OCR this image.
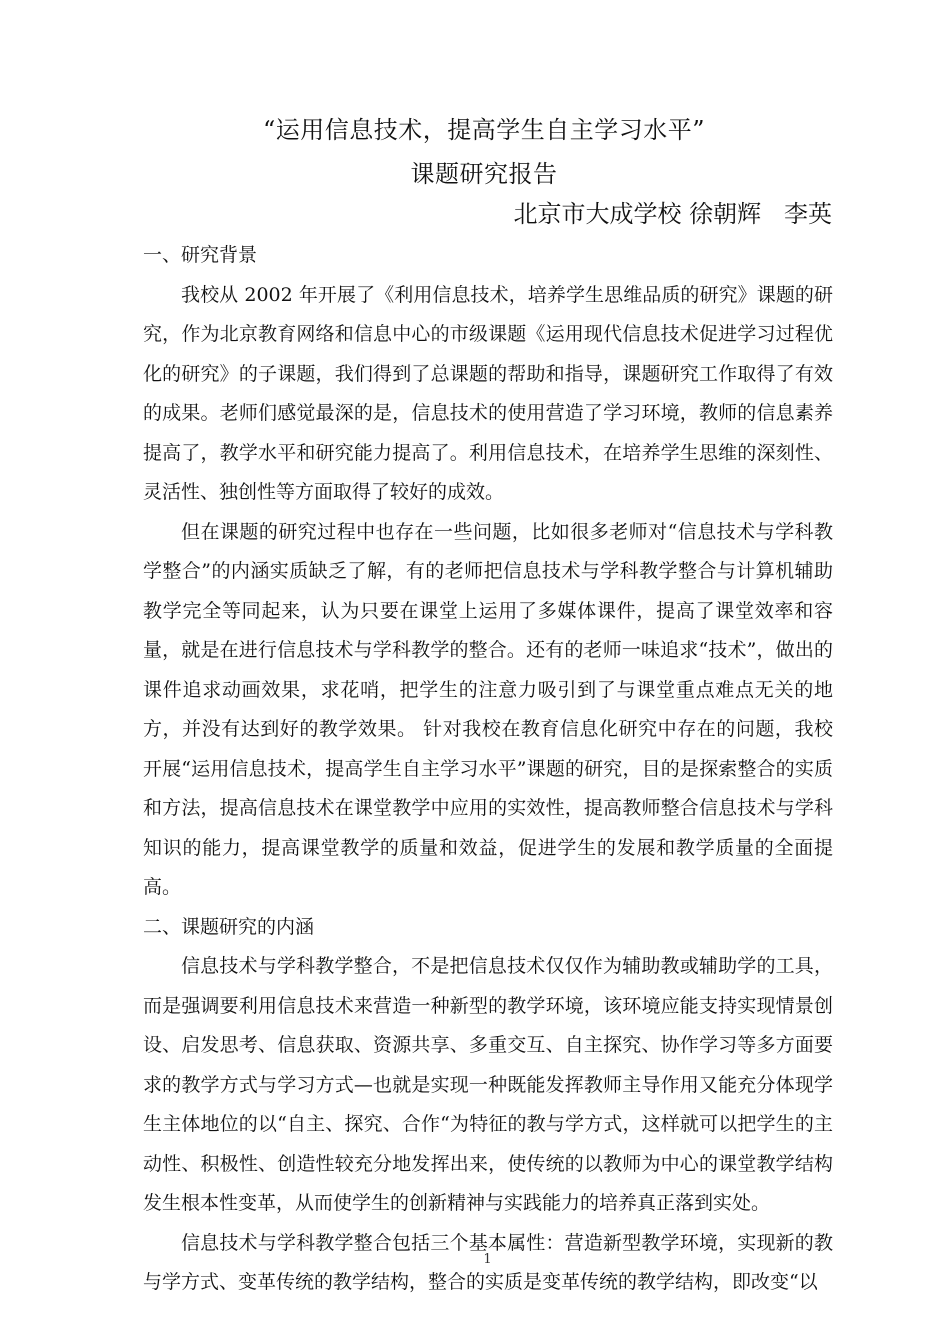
“运用信息技术，提高学生自主学习水平”
课题研究报告
北京市大成学校 徐朝辉   李英

一、研究背景

我校从 2002 年开展了《利用信息技术，培养学生思维品质的研究》课题的研究，作为北京教育网络和信息中心的市级课题《运用现代信息技术促进学习过程优化的研究》的子课题，我们得到了总课题的帮助和指导，课题研究工作取得了有效的成果。老师们感觉最深的是，信息技术的使用营造了学习环境，教师的信息素养提高了，教学水平和研究能力提高了。利用信息技术，在培养学生思维的深刻性、灵活性、独创性等方面取得了较好的成效。

但在课题的研究过程中也存在一些问题，比如很多老师对“信息技术与学科教学整合”的内涵实质缺乏了解，有的老师把信息技术与学科教学整合与计算机辅助教学完全等同起来，认为只要在课堂上运用了多媒体课件，提高了课堂效率和容量，就是在进行信息技术与学科教学的整合。还有的老师一味追求“技术”，做出的课件追求动画效果，求花哨，把学生的注意力吸引到了与课堂重点难点无关的地方，并没有达到好的教学效果。 针对我校在教育信息化研究中存在的问题，我校开展“运用信息技术，提高学生自主学习水平”课题的研究，目的是探索整合的实质和方法，提高信息技术在课堂教学中应用的实效性，提高教师整合信息技术与学科知识的能力，提高课堂教学的质量和效益，促进学生的发展和教学质量的全面提高。

二、课题研究的内涵

信息技术与学科教学整合，不是把信息技术仅仅作为辅助教或辅助学的工具，而是强调要利用信息技术来营造一种新型的教学环境，该环境应能支持实现情景创设、启发思考、信息获取、资源共享、多重交互、自主探究、协作学习等多方面要求的教学方式与学习方式—也就是实现一种既能发挥教师主导作用又能充分体现学生主体地位的以“自主、探究、合作“为特征的教与学方式，这样就可以把学生的主动性、积极性、创造性较充分地发挥出来，使传统的以教师为中心的课堂教学结构发生根本性变革，从而使学生的创新精神与实践能力的培养真正落到实处。

信息技术与学科教学整合包括三个基本属性：营造新型教学环境，实现新的教与学方式、变革传统的教学结构，整合的实质是变革传统的教学结构，即改变“以

1
